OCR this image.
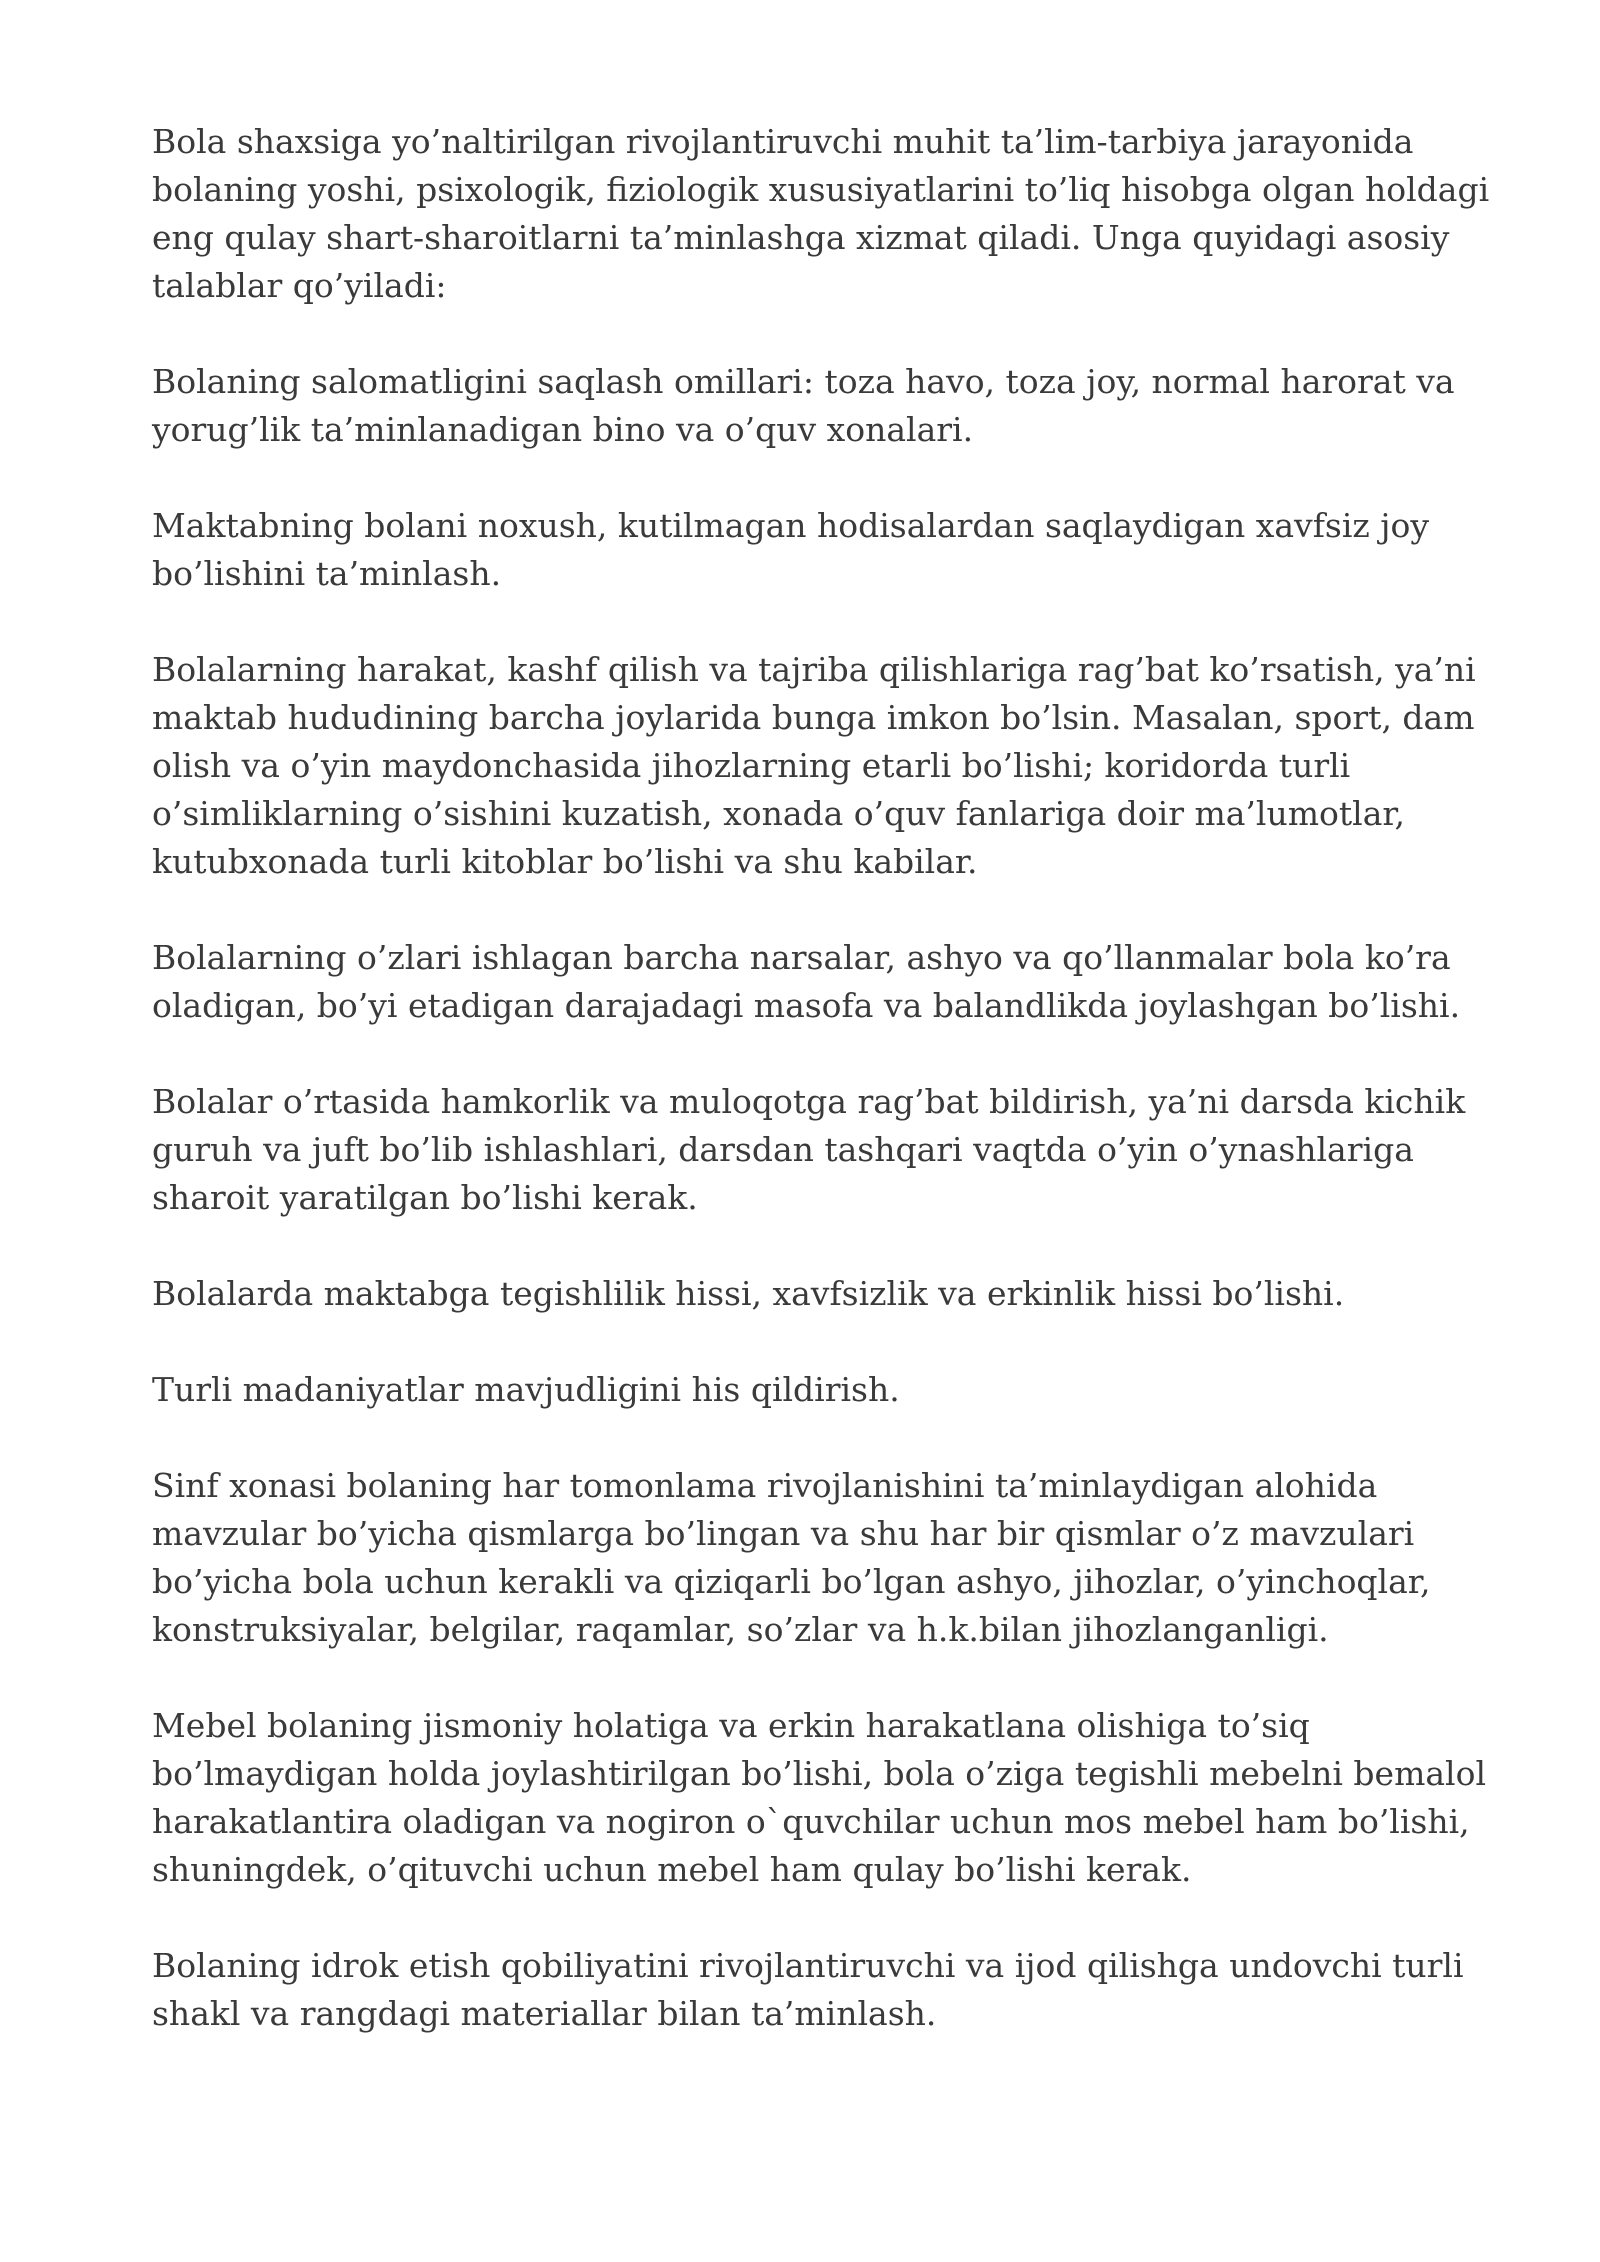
Bola shaxsiga yo’naltirilgan rivojlantiruvchi muhit ta’lim-tarbiya jarayonida bolaning yoshi, psixologik, fiziologik xususiyatlarini to’liq hisobga olgan holdagi eng qulay shart-sharoitlarni ta’minlashga xizmat qiladi. Unga quyidagi asosiy talablar qo’yiladi:

Bolaning salomatligini saqlash omillari: toza havo, toza joy, normal harorat va yorug’lik ta’minlanadigan bino va o’quv xonalari.

Maktabning bolani noxush, kutilmagan hodisalardan saqlaydigan xavfsiz joy bo’lishini ta’minlash.

Bolalarning harakat, kashf qilish va tajriba qilishlariga rag’bat ko’rsatish, ya’ni maktab hududining barcha joylarida bunga imkon bo’lsin. Masalan, sport, dam olish va o’yin maydonchasida jihozlarning etarli bo’lishi; koridorda turli o’simliklarning o’sishini kuzatish, xonada o’quv fanlariga doir ma’lumotlar, kutubxonada turli kitoblar bo’lishi va shu kabilar.

Bolalarning o’zlari ishlagan barcha narsalar, ashyo va qo’llanmalar bola ko’ra oladigan, bo’yi etadigan darajadagi masofa va balandlikda joylashgan bo’lishi.

Bolalar o’rtasida hamkorlik va muloqotga rag’bat bildirish, ya’ni darsda kichik guruh va juft bo’lib ishlashlari, darsdan tashqari vaqtda o’yin o’ynashlariga sharoit yaratilgan bo’lishi kerak.

Bolalarda maktabga tegishlilik hissi, xavfsizlik va erkinlik hissi bo’lishi.

Turli madaniyatlar mavjudligini his qildirish.

Sinf xonasi bolaning har tomonlama rivojlanishini ta’minlaydigan alohida mavzular bo’yicha qismlarga bo’lingan va shu har bir qismlar o’z mavzulari bo’yicha bola uchun kerakli va qiziqarli bo’lgan ashyo, jihozlar, o’yinchoqlar, konstruksiyalar, belgilar, raqamlar, so’zlar va h.k.bilan jihozlanganligi.

Mebel bolaning jismoniy holatiga va erkin harakatlana olishiga to’siq bo’lmaydigan holda joylashtirilgan bo’lishi, bola o’ziga tegishli mebelni bemalol harakatlantira oladigan va nogiron o`quvchilar uchun mos mebel ham bo’lishi, shuningdek, o’qituvchi uchun mebel ham qulay bo’lishi kerak.

Bolaning idrok etish qobiliyatini rivojlantiruvchi va ijod qilishga undovchi turli shakl va rangdagi materiallar bilan ta’minlash.
